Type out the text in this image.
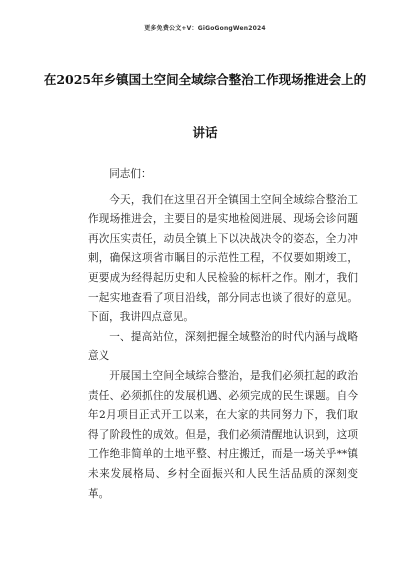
更多免费公文+V：GiGoGongWen2024
在2025年乡镇国土空间全域综合整治工作现场推进会上的
讲话

同志们：

今天，我们在这里召开全镇国土空间全域综合整治工作现场推进会，主要目的是实地检阅进展、现场会诊问题再次压实责任，动员全镇上下以决战决令的姿态，全力冲刺，确保这项省市瞩目的示范性工程，不仅要如期竣工，更要成为经得起历史和人民检验的标杆之作。刚才，我们一起实地查看了项目沿线，部分同志也谈了很好的意见。下面，我讲四点意见。

一、提高站位，深刻把握全域整治的时代内涵与战略意义

开展国土空间全域综合整治，是我们必须扛起的政治责任、必须抓住的发展机遇、必须完成的民生课题。自今年2月项目正式开工以来，在大家的共同努力下，我们取得了阶段性的成效。但是，我们必须清醒地认识到，这项工作绝非简单的土地平整、村庄搬迁，而是一场关乎**镇未来发展格局、乡村全面振兴和人民生活品质的深刻变革。
